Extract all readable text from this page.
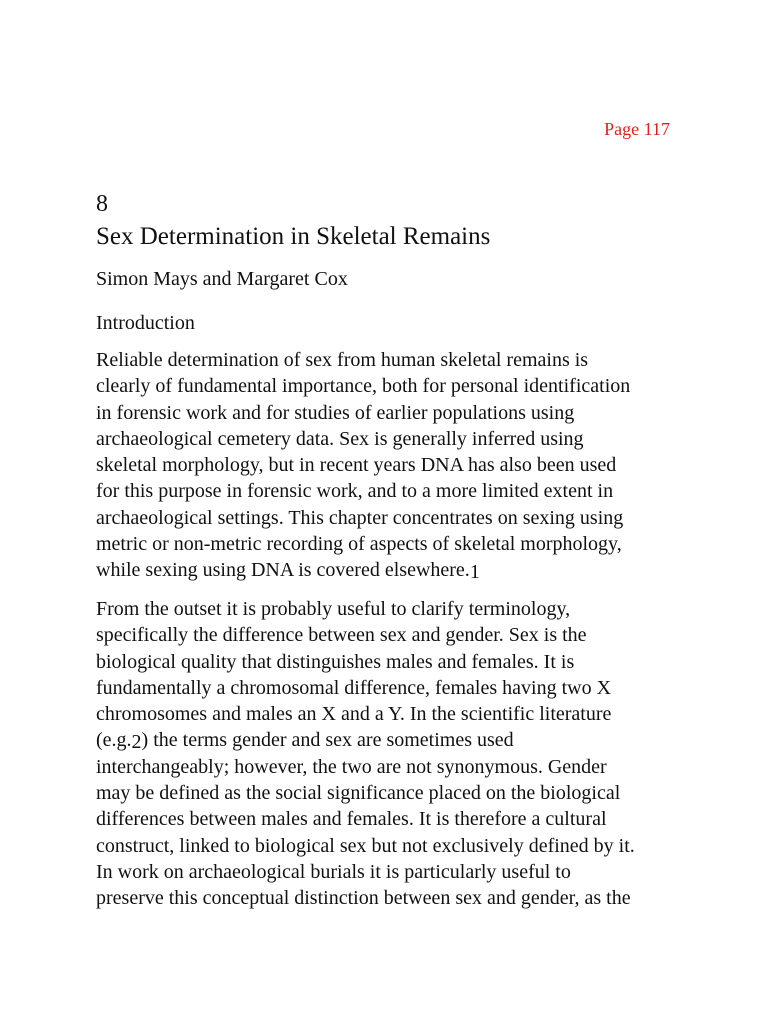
Page 117
8
Sex Determination in Skeletal Remains
Simon Mays and Margaret Cox
Introduction
Reliable determination of sex from human skeletal remains is
clearly of fundamental importance, both for personal identification
in forensic work and for studies of earlier populations using
archaeological cemetery data. Sex is generally inferred using
skeletal morphology, but in recent years DNA has also been used
for this purpose in forensic work, and to a more limited extent in
archaeological settings. This chapter concentrates on sexing using
metric or non-metric recording of aspects of skeletal morphology,
while sexing using DNA is covered elsewhere.1
From the outset it is probably useful to clarify terminology,
specifically the difference between sex and gender. Sex is the
biological quality that distinguishes males and females. It is
fundamentally a chromosomal difference, females having two X
chromosomes and males an X and a Y. In the scientific literature
(e.g.2) the terms gender and sex are sometimes used
interchangeably; however, the two are not synonymous. Gender
may be defined as the social significance placed on the biological
differences between males and females. It is therefore a cultural
construct, linked to biological sex but not exclusively defined by it.
In work on archaeological burials it is particularly useful to
preserve this conceptual distinction between sex and gender, as the
